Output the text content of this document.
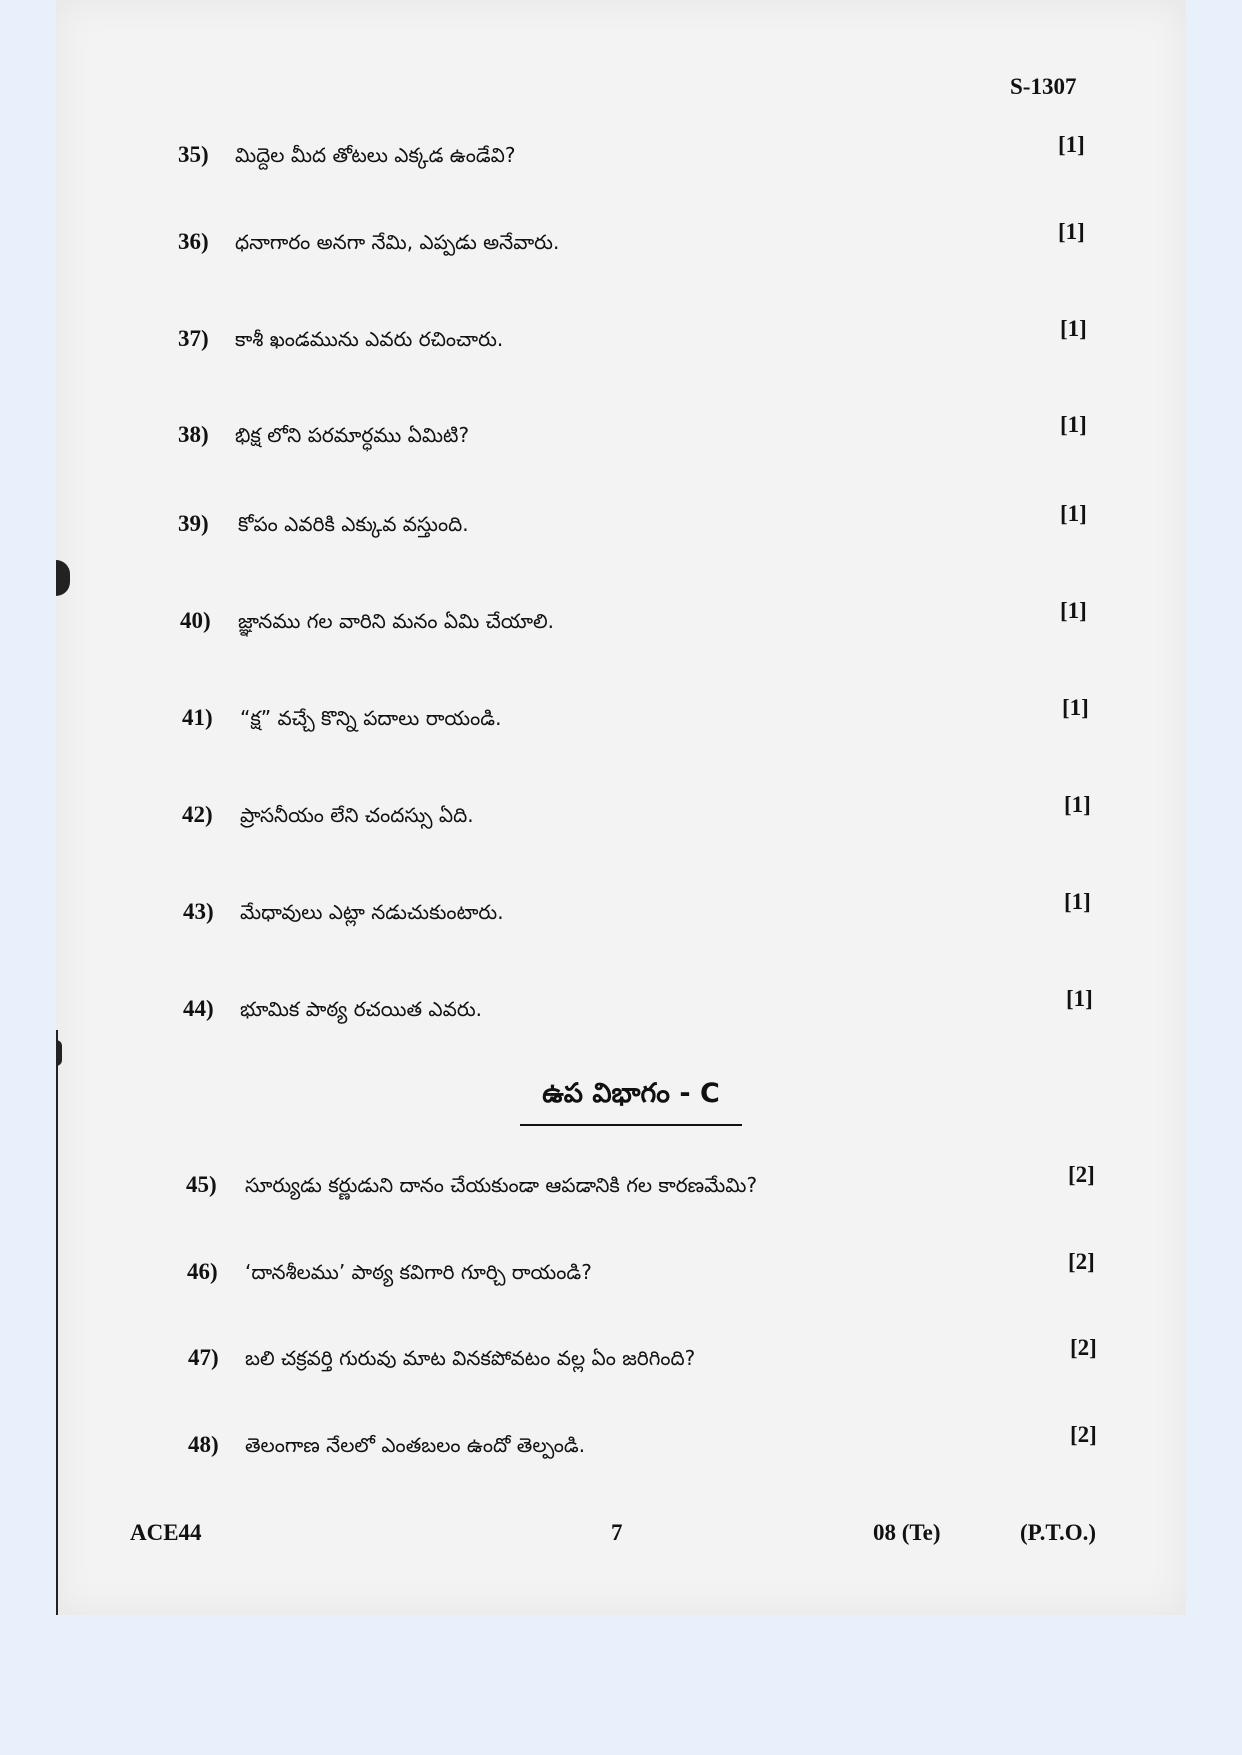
S-1307
35) మిద్దెల మీద తోటలు ఎక్కడ ఉండేవి?	[1]
36) ధనాగారం అనగా నేమి, ఎప్పడు అనేవారు.	[1]
37) కాశీ ఖండమును ఎవరు రచించారు.	[1]
38) భిక్ష లోని పరమార్ధము ఏమిటి?	[1]
39) కోపం ఎవరికి ఎక్కువ వస్తుంది.	[1]
40) జ్ఞానము గల వారిని మనం ఏమి చేయాలి.	[1]
41) “క్ష” వచ్చే కొన్ని పదాలు రాయండి.	[1]
42) ప్రాసనీయం లేని చందస్సు ఏది.	[1]
43) మేధావులు ఎట్లా నడుచుకుంటారు.	[1]
44) భూమిక పాఠ్య రచయిత ఎవరు.	[1]
ఉప విభాగం - C
45) సూర్యుడు కర్ణుడుని దానం చేయకుండా ఆపడానికి గల కారణమేమి?	[2]
46) ‘దానశీలము’ పాఠ్య కవిగారి గూర్చి రాయండి?	[2]
47) బలి చక్రవర్తి గురువు మాట వినకపోవటం వల్ల ఏం జరిగింది?	[2]
48) తెలంగాణ నేలలో ఎంతబలం ఉందో తెల్పండి.	[2]
ACE44	7	08 (Te)	(P.T.O.)
